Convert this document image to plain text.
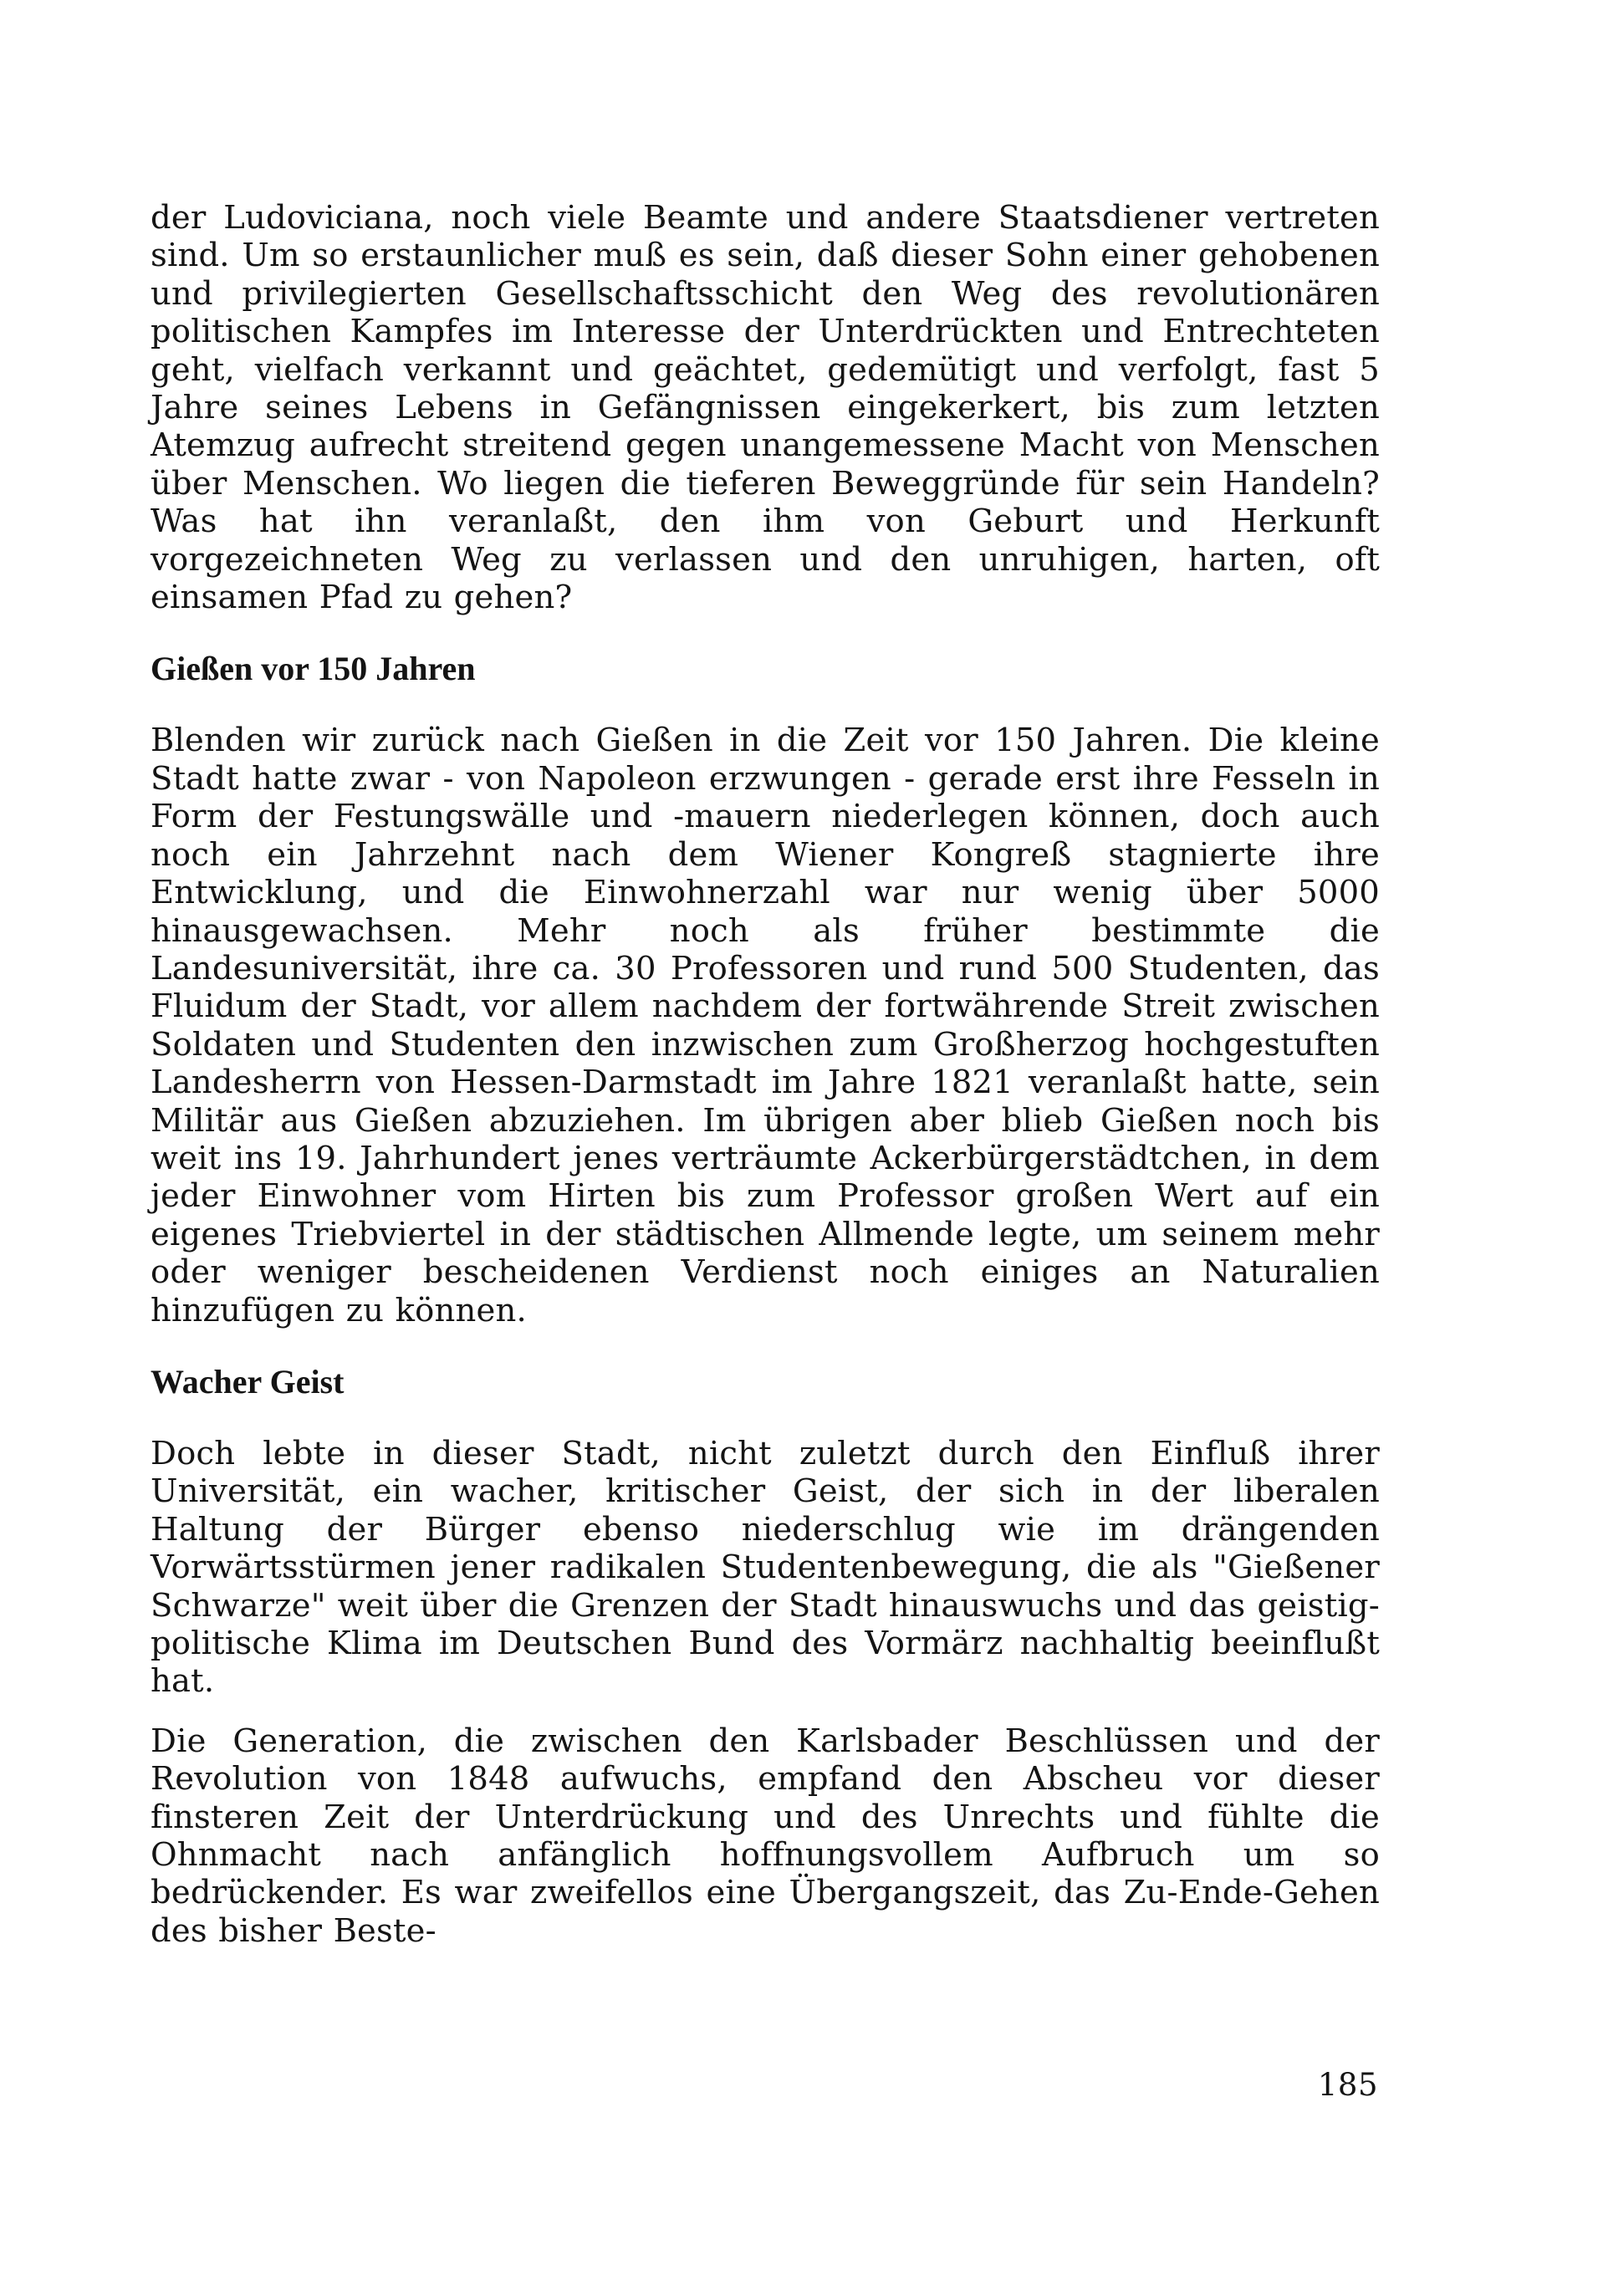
der Ludoviciana, noch viele Beamte und andere Staatsdiener vertreten sind. Um so erstaunlicher muß es sein, daß dieser Sohn einer gehobenen und privilegierten Gesellschaftsschicht den Weg des revolutionären politischen Kampfes im Interesse der Unterdrückten und Entrechteten geht, vielfach verkannt und geächtet, gedemütigt und verfolgt, fast 5 Jahre seines Lebens in Gefängnissen eingekerkert, bis zum letzten Atemzug aufrecht streitend gegen unangemessene Macht von Menschen über Menschen. Wo liegen die tieferen Beweggründe für sein Handeln? Was hat ihn veranlaßt, den ihm von Geburt und Herkunft vorgezeichneten Weg zu verlassen und den unruhigen, harten, oft einsamen Pfad zu gehen?

Gießen vor 150 Jahren

Blenden wir zurück nach Gießen in die Zeit vor 150 Jahren. Die kleine Stadt hatte zwar - von Napoleon erzwungen - gerade erst ihre Fesseln in Form der Festungswälle und -mauern niederlegen können, doch auch noch ein Jahrzehnt nach dem Wiener Kongreß stagnierte ihre Entwicklung, und die Einwohnerzahl war nur wenig über 5000 hinausgewachsen. Mehr noch als früher bestimmte die Landesuniversität, ihre ca. 30 Professoren und rund 500 Studenten, das Fluidum der Stadt, vor allem nachdem der fortwährende Streit zwischen Soldaten und Studenten den inzwischen zum Großherzog hochgestuften Landesherrn von Hessen-Darmstadt im Jahre 1821 veranlaßt hatte, sein Militär aus Gießen abzuziehen. Im übrigen aber blieb Gießen noch bis weit ins 19. Jahrhundert jenes verträumte Ackerbürgerstädtchen, in dem jeder Einwohner vom Hirten bis zum Professor großen Wert auf ein eigenes Triebviertel in der städtischen Allmende legte, um seinem mehr oder weniger bescheidenen Verdienst noch einiges an Naturalien hinzufügen zu können.

Wacher Geist

Doch lebte in dieser Stadt, nicht zuletzt durch den Einfluß ihrer Universität, ein wacher, kritischer Geist, der sich in der liberalen Haltung der Bürger ebenso niederschlug wie im drängenden Vorwärtsstürmen jener radikalen Studentenbewegung, die als "Gießener Schwarze" weit über die Grenzen der Stadt hinauswuchs und das geistig-politische Klima im Deutschen Bund des Vormärz nachhaltig beeinflußt hat.

Die Generation, die zwischen den Karlsbader Beschlüssen und der Revolution von 1848 aufwuchs, empfand den Abscheu vor dieser finsteren Zeit der Unterdrückung und des Unrechts und fühlte die Ohnmacht nach anfänglich hoffnungsvollem Aufbruch um so bedrückender. Es war zweifellos eine Übergangszeit, das Zu-Ende-Gehen des bisher Beste-

185
